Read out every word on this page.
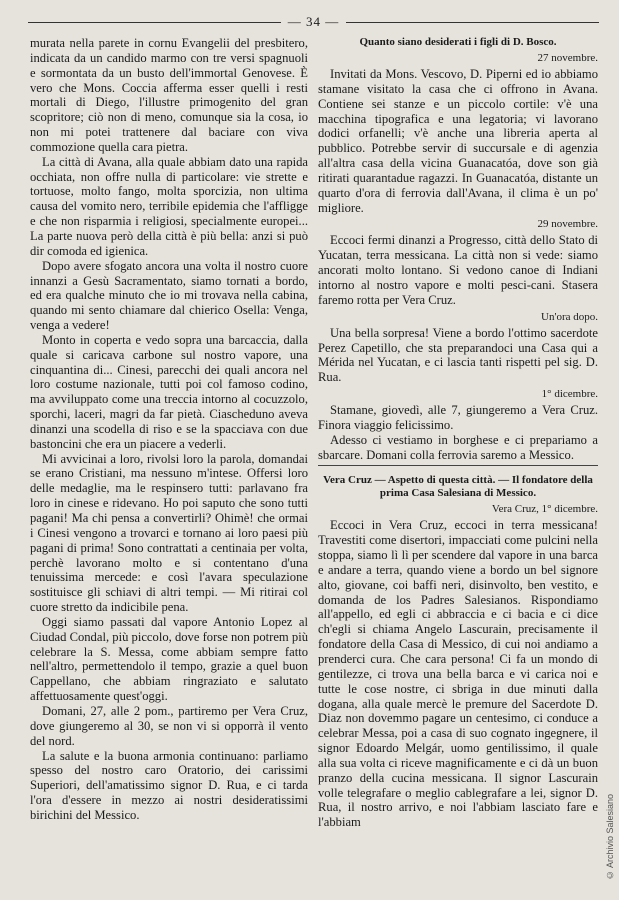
— 34 —

murata nella parete in cornu Evangelii del presbitero, indicata da un candido marmo con tre versi spagnuoli e sormontata da un busto dell'immortal Genovese. È vero che Mons. Coccia afferma esser quelli i resti mortali di Diego, l'illustre primogenito del gran scopritore; ciò non di meno, comunque sia la cosa, io non mi potei trattenere dal baciare con viva commozione quella cara pietra.

La città di Avana, alla quale abbiam dato una rapida occhiata, non offre nulla di particolare: vie strette e tortuose, molto fango, molta sporcizia, non ultima causa del vomito nero, terribile epidemia che l'affligge e che non risparmia i religiosi, specialmente europei... La parte nuova però della città è più bella: anzi si può dir comoda ed igienica.

Dopo avere sfogato ancora una volta il nostro cuore innanzi a Gesù Sacramentato, siamo tornati a bordo, ed era qualche minuto che io mi trovava nella cabina, quando mi sento chiamare dal chierico Osella: Venga, venga a vedere!

Monto in coperta e vedo sopra una barcaccia, dalla quale si caricava carbone sul nostro vapore, una cinquantina di... Cinesi, parecchi dei quali ancora nel loro costume nazionale, tutti poi col famoso codino, ma avviluppato come una treccia intorno al cocuzzolo, sporchi, laceri, magri da far pietà. Ciascheduno aveva dinanzi una scodella di riso e se la spacciava con due bastoncini che era un piacere a vederli.

Mi avvicinai a loro, rivolsi loro la parola, domandai se erano Cristiani, ma nessuno m'intese. Offersi loro delle medaglie, ma le respinsero tutti: parlavano fra loro in cinese e ridevano. Ho poi saputo che sono tutti pagani! Ma chi pensa a convertirli? Ohimè! che ormai i Cinesi vengono a trovarci e tornano ai loro paesi più pagani di prima! Sono contrattati a centinaia per volta, perchè lavorano molto e si contentano d'una tenuissima mercede: e così l'avara speculazione sostituisce gli schiavi di altri tempi. — Mi ritirai col cuore stretto da indicibile pena.

Oggi siamo passati dal vapore Antonio Lopez al Ciudad Condal, più piccolo, dove forse non potrem più celebrare la S. Messa, come abbiam sempre fatto nell'altro, permettendolo il tempo, grazie a quel buon Cappellano, che abbiam ringraziato e salutato affettuosamente quest'oggi.

Domani, 27, alle 2 pom., partiremo per Vera Cruz, dove giungeremo al 30, se non vi si opporrà il vento del nord.

La salute e la buona armonia continuano: parliamo spesso del nostro caro Oratorio, dei carissimi Superiori, dell'amatissimo signor D. Rua, e ci tarda l'ora d'essere in mezzo ai nostri desideratissimi birichini del Messico.

Quanto siano desiderati i figli di D. Bosco.
27 novembre.

Invitati da Mons. Vescovo, D. Piperni ed io abbiamo stamane visitato la casa che ci offrono in Avana. Contiene sei stanze e un piccolo cortile: v'è una macchina tipografica e una legatoria; vi lavorano dodici orfanelli; v'è anche una libreria aperta al pubblico. Potrebbe servir di succursale e di agenzia all'altra casa della vicina Guanacatóa, dove son già ritirati quarantadue ragazzi. In Guanacatóa, distante un quarto d'ora di ferrovia dall'Avana, il clima è un po' migliore.

29 novembre.

Eccoci fermi dinanzi a Progresso, città dello Stato di Yucatan, terra messicana. La città non si vede: siamo ancorati molto lontano. Si vedono canoe di Indiani intorno al nostro vapore e molti pesci-cani. Stasera faremo rotta per Vera Cruz.

Un'ora dopo.

Una bella sorpresa! Viene a bordo l'ottimo sacerdote Perez Capetillo, che sta preparandoci una Casa qui a Mérida nel Yucatan, e ci lascia tanti rispetti pel sig. D. Rua.

1° dicembre.

Stamane, giovedì, alle 7, giungeremo a Vera Cruz. Finora viaggio felicissimo.

Adesso ci vestiamo in borghese e ci prepariamo a sbarcare. Domani colla ferrovia saremo a Messico.

Vera Cruz — Aspetto di questa città. — Il fondatore della prima Casa Salesiana di Messico.
Vera Cruz, 1° dicembre.

Eccoci in Vera Cruz, eccoci in terra messicana! Travestiti come disertori, impacciati come pulcini nella stoppa, siamo lì lì per scendere dal vapore in una barca e andare a terra, quando viene a bordo un bel signore alto, giovane, coi baffi neri, disinvolto, ben vestito, e domanda de los Padres Salesianos. Rispondiamo all'appello, ed egli ci abbraccia e ci bacia e ci dice ch'egli si chiama Angelo Lascurain, precisamente il fondatore della Casa di Messico, di cui noi andiamo a prenderci cura. Che cara persona! Ci fa un mondo di gentilezze, ci trova una bella barca e vi carica noi e tutte le cose nostre, ci sbriga in due minuti dalla dogana, alla quale mercè le premure del Sacerdote D. Diaz non dovemmo pagare un centesimo, ci conduce a celebrar Messa, poi a casa di suo cognato ingegnere, il signor Edoardo Melgár, uomo gentilissimo, il quale alla sua volta ci riceve magnificamente e ci dà un buon pranzo della cucina messicana. Il signor Lascurain volle telegrafare o meglio cablegrafare a lei, signor D. Rua, il nostro arrivo, e noi l'abbiam lasciato fare e l'abbiam	© Archivio Salesiano
